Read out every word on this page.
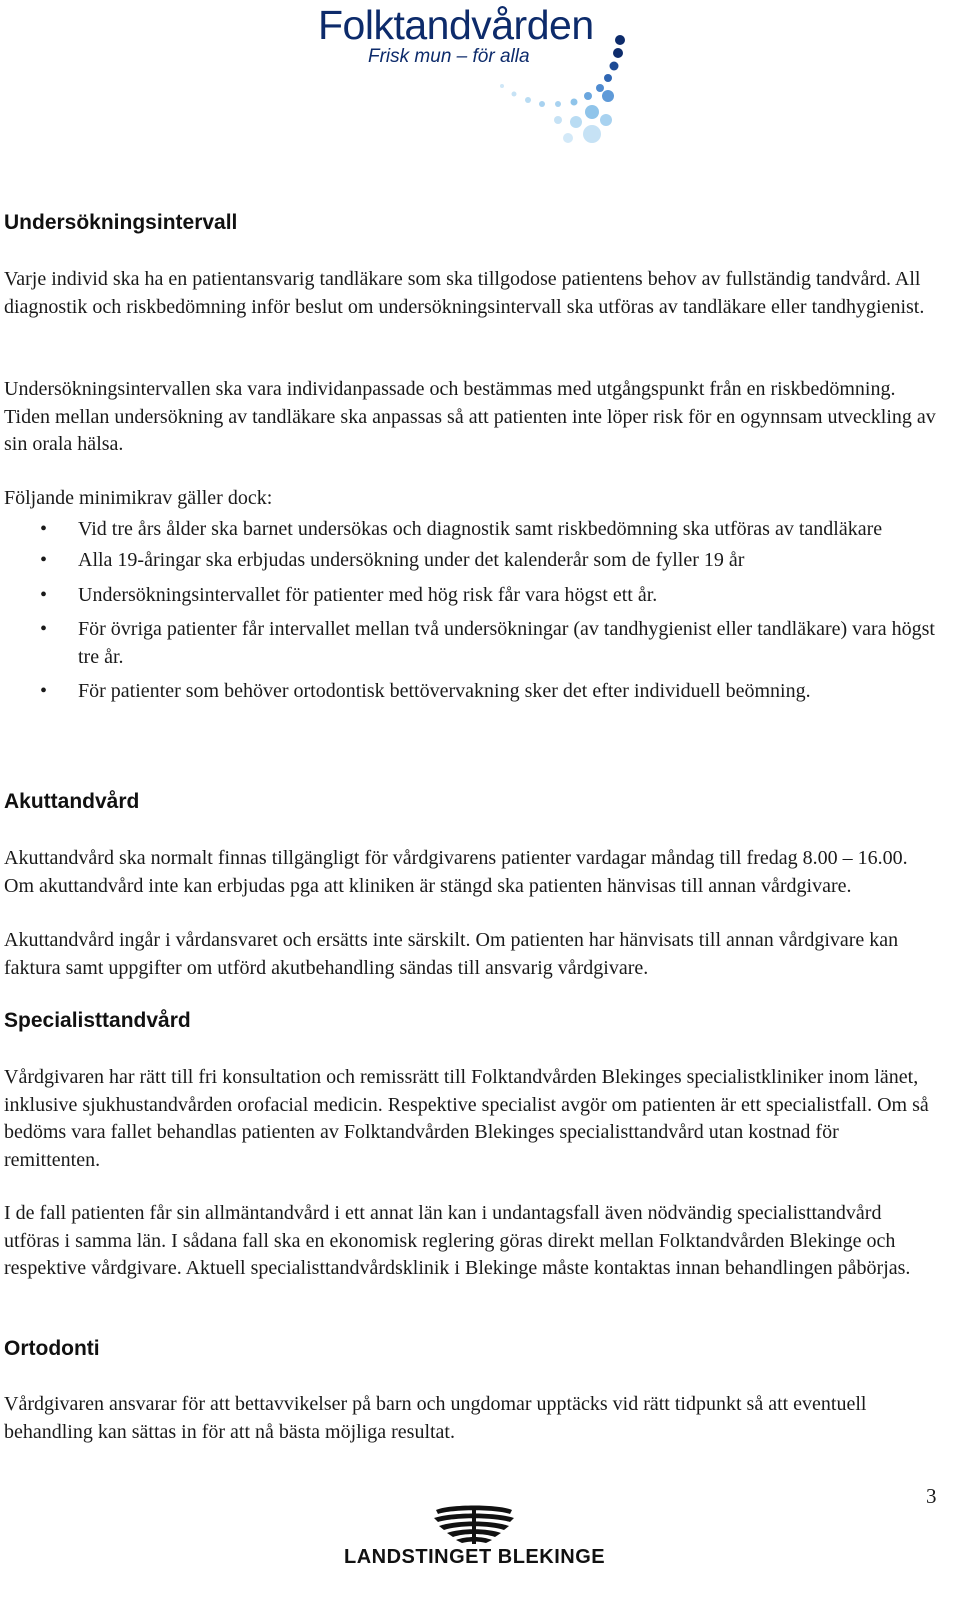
Folktandvården
Frisk mun – för alla
Undersökningsintervall

Varje individ ska ha en patientansvarig tandläkare som ska tillgodose patientens behov av fullständig tandvård. All diagnostik och riskbedömning inför beslut om undersökningsintervall ska utföras av tandläkare eller tandhygienist.

Undersökningsintervallen ska vara individanpassade och bestämmas med utgångspunkt från en riskbedömning. Tiden mellan undersökning av tandläkare ska anpassas så att patienten inte löper risk för en ogynnsam utveckling av sin orala hälsa.

Följande minimikrav gäller dock:

• Vid tre års ålder ska barnet undersökas och diagnostik samt riskbedömning ska utföras av tandläkare
• Alla 19-åringar ska erbjudas undersökning under det kalenderår som de fyller 19 år
• Undersökningsintervallet för patienter med hög risk får vara högst ett år.
• För övriga patienter får intervallet mellan två undersökningar (av tandhygienist eller tandläkare) vara högst tre år.
• För patienter som behöver ortodontisk bettövervakning sker det efter individuell beömning.
Akuttandvård

Akuttandvård ska normalt finnas tillgängligt för vårdgivarens patienter vardagar måndag till fredag 8.00 – 16.00. Om akuttandvård inte kan erbjudas pga att kliniken är stängd ska patienten hänvisas till annan vårdgivare.

Akuttandvård ingår i vårdansvaret och ersätts inte särskilt. Om patienten har hänvisats till annan vårdgivare kan faktura samt uppgifter om utförd akutbehandling sändas till ansvarig vårdgivare.

Specialisttandvård

Vårdgivaren har rätt till fri konsultation och remissrätt till Folktandvården Blekinges specialistkliniker inom länet, inklusive sjukhustandvården orofacial medicin. Respektive specialist avgör om patienten är ett specialistfall. Om så bedöms vara fallet behandlas patienten av Folktandvården Blekinges specialisttandvård utan kostnad för remittenten.

I de fall patienten får sin allmäntandvård i ett annat län kan i undantagsfall även nödvändig specialisttandvård utföras i samma län. I sådana fall ska en ekonomisk reglering göras direkt mellan Folktandvården Blekinge och respektive vårdgivare. Aktuell specialisttandvårdsklinik i Blekinge måste kontaktas innan behandlingen påbörjas.

Ortodonti

Vårdgivaren ansvarar för att bettavvikelser på barn och ungdomar upptäcks vid rätt tidpunkt så att eventuell behandling kan sättas in för att nå bästa möjliga resultat.

3
LANDSTINGET BLEKINGE
